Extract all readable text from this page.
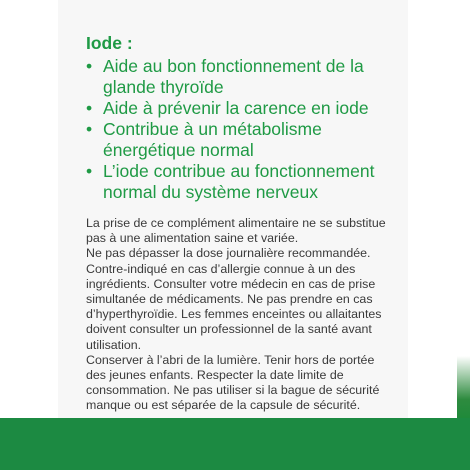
Iode :
• Aide au bon fonctionnement de la glande thyroïde
• Aide à prévenir la carence en iode
• Contribue à un métabolisme énergétique normal
• L’iode contribue au fonctionnement normal du système nerveux

La prise de ce complément alimentaire ne se substitue pas à une alimentation saine et variée.

Ne pas dépasser la dose journalière recommandée.

Contre-indiqué en cas d’allergie connue à un des ingrédients. Consulter votre médecin en cas de prise simultanée de médicaments. Ne pas prendre en cas d’hyperthyroïdie. Les femmes enceintes ou allaitantes doivent consulter un professionnel de la santé avant utilisation.

Conserver à l’abri de la lumière. Tenir hors de portée des jeunes enfants. Respecter la date limite de consommation. Ne pas utiliser si la bague de sécurité manque ou est séparée de la capsule de sécurité.
